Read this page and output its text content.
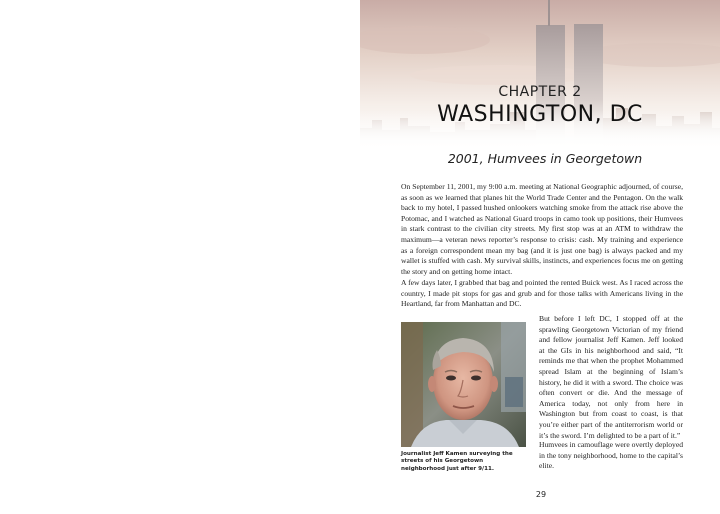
CHAPTER 2
WASHINGTON, DC
2001, Humvees in Georgetown

On September 11, 2001, my 9:00 a.m. meeting at National Geographic adjourned, of course, as soon as we learned that planes hit the World Trade Center and the Pentagon. On the walk back to my hotel, I passed hushed onlookers watching smoke from the attack rise above the Potomac, and I watched as National Guard troops in camo took up positions, their Humvees in stark contrast to the civilian city streets. My first stop was at an ATM to withdraw the maximum—a veteran news reporter’s response to crisis: cash. My training and experience as a foreign correspondent mean my bag (and it is just one bag) is always packed and my wallet is stuffed with cash. My survival skills, instincts, and experiences focus me on getting the story and on getting home intact.

A few days later, I grabbed that bag and pointed the rented Buick west. As I raced across the country, I made pit stops for gas and grub and for those talks with Americans living in the Heartland, far from Manhattan and DC.

Journalist Jeff Kamen surveying the streets of his Georgetown neighborhood just after 9/11.

But before I left DC, I stopped off at the sprawling Georgetown Victorian of my friend and fellow journalist Jeff Kamen. Jeff looked at the GIs in his neighborhood and said, “It reminds me that when the prophet Mohammed spread Islam at the beginning of Islam’s history, he did it with a sword. The choice was often convert or die. And the message of America today, not only from here in Washington but from coast to coast, is that you’re either part of the antiterrorism world or it’s the sword. I’m delighted to be a part of it.”

Humvees in camouflage were overtly deployed in the tony neighborhood, home to the capital’s elite.

29
